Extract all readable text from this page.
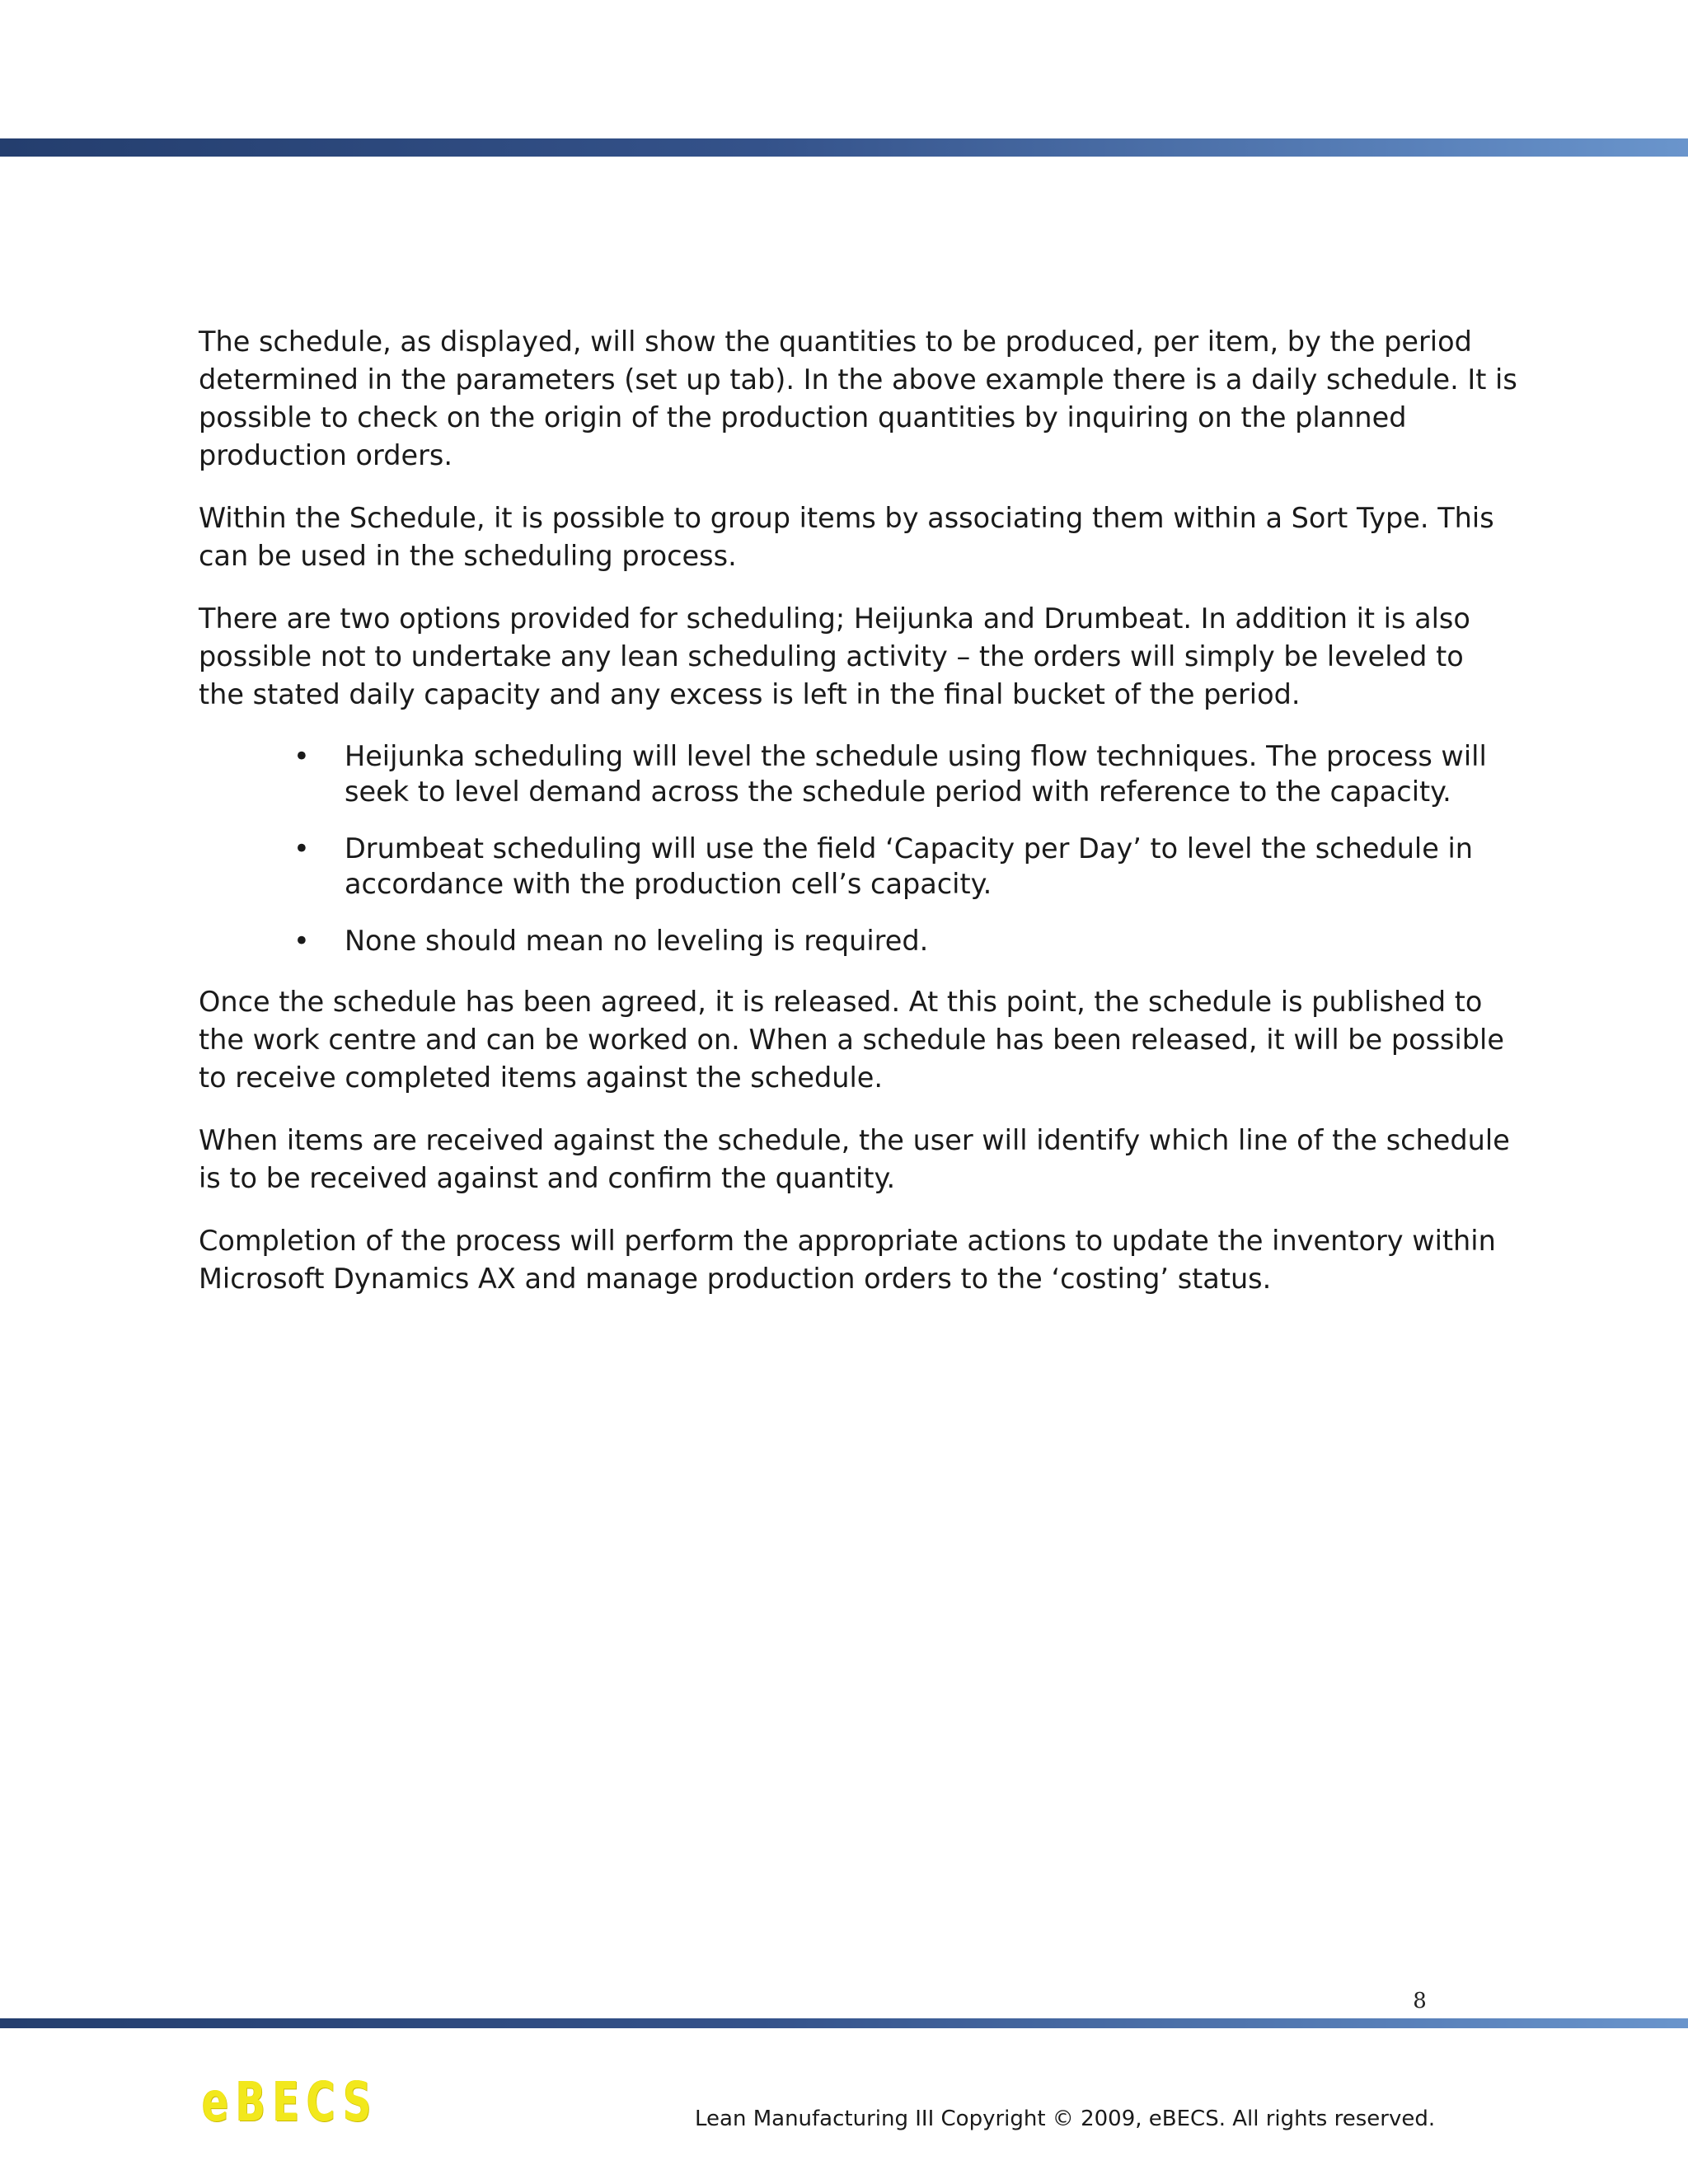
The schedule, as displayed, will show the quantities to be produced, per item, by the period determined in the parameters (set up tab). In the above example there is a daily schedule. It is possible to check on the origin of the production quantities by inquiring on the planned production orders.

Within the Schedule, it is possible to group items by associating them within a Sort Type. This can be used in the scheduling process.

There are two options provided for scheduling; Heijunka and Drumbeat. In addition it is also possible not to undertake any lean scheduling activity – the orders will simply be leveled to the stated daily capacity and any excess is left in the final bucket of the period.

• Heijunka scheduling will level the schedule using flow techniques. The process will seek to level demand across the schedule period with reference to the capacity.
• Drumbeat scheduling will use the field ‘Capacity per Day’ to level the schedule in accordance with the production cell’s capacity.
• None should mean no leveling is required.

Once the schedule has been agreed, it is released. At this point, the schedule is published to the work centre and can be worked on. When a schedule has been released, it will be possible to receive completed items against the schedule.

When items are received against the schedule, the user will identify which line of the schedule is to be received against and confirm the quantity.

Completion of the process will perform the appropriate actions to update the inventory within Microsoft Dynamics AX and manage production orders to the ‘costing’ status.

8
eBECS	Lean Manufacturing III Copyright © 2009, eBECS. All rights reserved.
